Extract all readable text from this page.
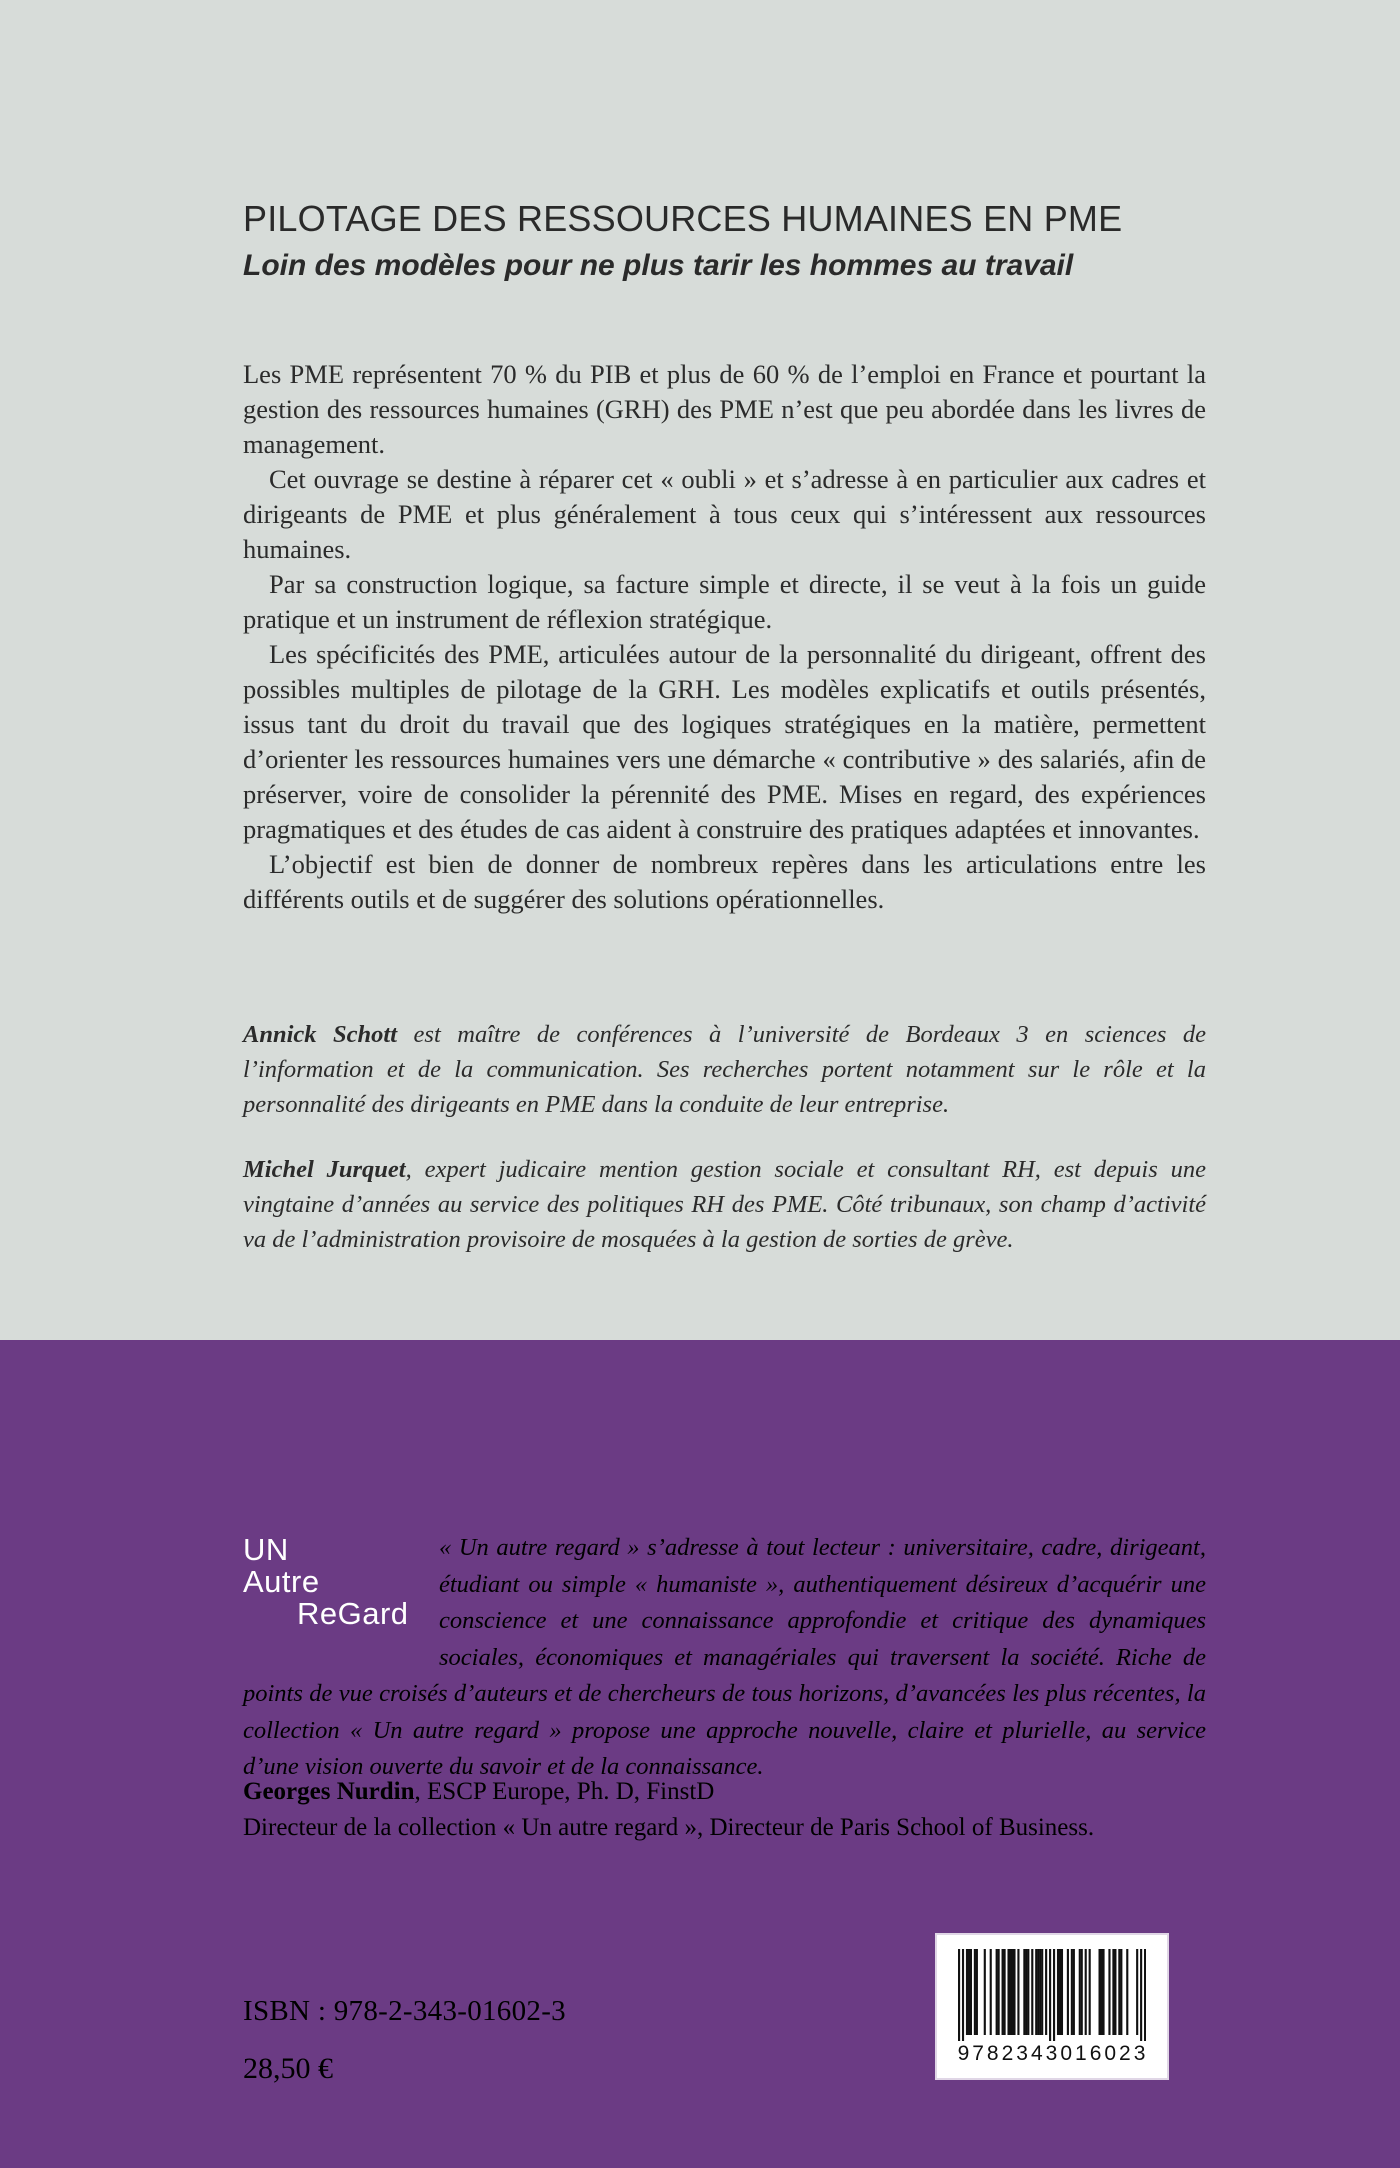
PILOTAGE DES RESSOURCES HUMAINES EN PME
Loin des modèles pour ne plus tarir les hommes au travail

Les PME représentent 70 % du PIB et plus de 60 % de l’emploi en France et pourtant la gestion des ressources humaines (GRH) des PME n’est que peu abordée dans les livres de management.

Cet ouvrage se destine à réparer cet « oubli » et s’adresse à en particulier aux cadres et dirigeants de PME et plus généralement à tous ceux qui s’intéressent aux ressources humaines.

Par sa construction logique, sa facture simple et directe, il se veut à la fois un guide pratique et un instrument de réflexion stratégique.

Les spécificités des PME, articulées autour de la personnalité du dirigeant, offrent des possibles multiples de pilotage de la GRH. Les modèles explicatifs et outils présentés, issus tant du droit du travail que des logiques stratégiques en la matière, permettent d’orienter les ressources humaines vers une démarche « contributive » des salariés, afin de préserver, voire de consolider la pérennité des PME. Mises en regard, des expériences pragmatiques et des études de cas aident à construire des pratiques adaptées et innovantes.

L’objectif est bien de donner de nombreux repères dans les articulations entre les différents outils et de suggérer des solutions opérationnelles.

Annick Schott est maître de conférences à l’université de Bordeaux 3 en sciences de l’information et de la communication. Ses recherches portent notamment sur le rôle et la personnalité des dirigeants en PME dans la conduite de leur entreprise.
Michel Jurquet, expert judicaire mention gestion sociale et consultant RH, est depuis une vingtaine d’années au service des politiques RH des PME. Côté tribunaux, son champ d’activité va de l’administration provisoire de mosquées à la gestion de sorties de grève.
UN
Autre
ReGard
« Un autre regard » s’adresse à tout lecteur : universitaire, cadre, dirigeant, étudiant ou simple « humaniste », authentiquement désireux d’acquérir une conscience et une connaissance approfondie et critique des dynamiques sociales, économiques et managériales qui traversent la société. Riche de points de vue croisés d’auteurs et de chercheurs de tous horizons, d’avancées les plus récentes, la collection « Un autre regard » propose une approche nouvelle, claire et plurielle, au service d’une vision ouverte du savoir et de la connaissance.
Georges Nurdin, ESCP Europe, Ph. D, FinstD
Directeur de la collection « Un autre regard », Directeur de Paris School of Business.
ISBN : 978-2-343-01602-3
28,50 €	9782343016023
